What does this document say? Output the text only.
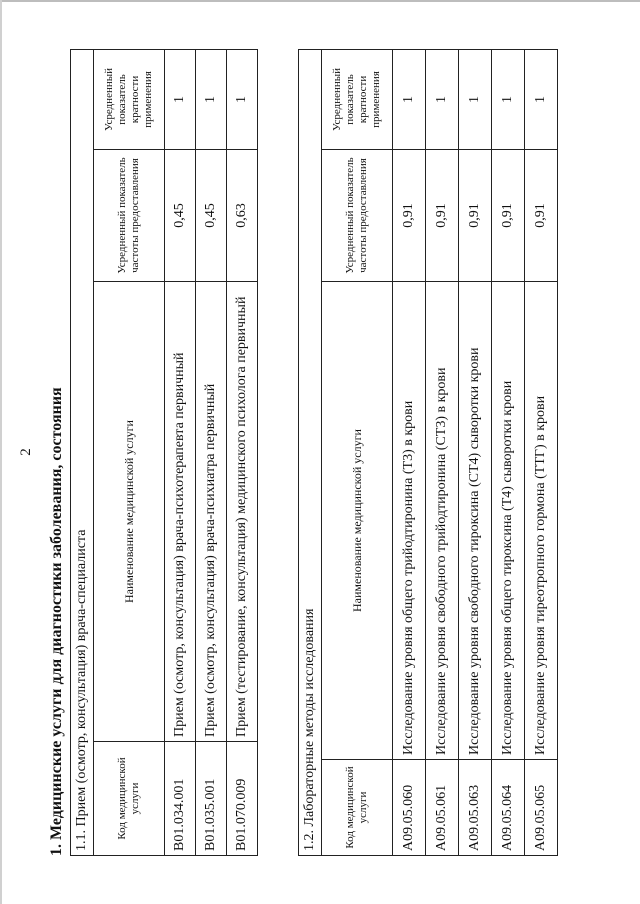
2 1. Медицинские услуги для диагностики заболевания, состояния 1.1. Прием (осмотр, консультация) врача-специалиста			
Код медицинской услуги	Наименование медицинской услуги	Усредненный показатель частоты предоставления	Усредненный показатель кратности применения
В01.034.001	Прием (осмотр, консультация) врача-психотерапевта первичный	0,45	1
В01.035.001	Прием (осмотр, консультация) врача-психиатра первичный	0,45	1
В01.070.009	Прием (тестирование, консультация) медицинского психолога первичный	0,63	1
1.2. Лабораторные методы исследования			
Код медицинской услуги	Наименование медицинской услуги	Усредненный показатель частоты предоставления	Усредненный показатель кратности применения
А09.05.060	Исследование уровня общего трийодтиронина (Т3) в крови	0,91	1
А09.05.061	Исследование уровня свободного трийодтиронина (СТ3) в крови	0,91	1
А09.05.063	Исследование уровня свободного тироксина (СТ4) сыворотки крови	0,91	1
А09.05.064	Исследование уровня общего тироксина (Т4) сыворотки крови	0,91	1
А09.05.065	Исследование уровня тиреотропного гормона (ТТГ) в крови	0,91	1
